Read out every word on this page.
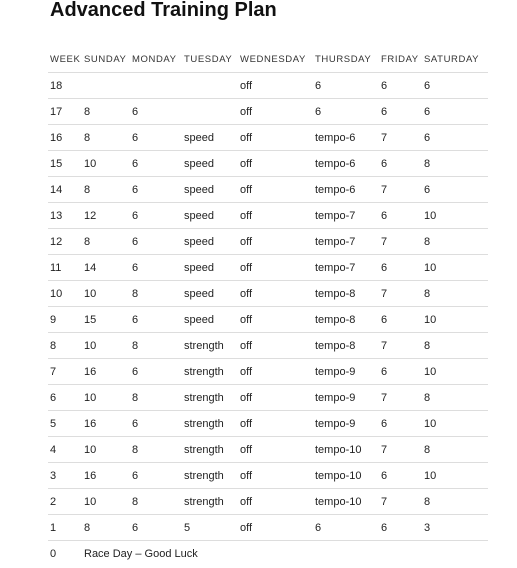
Advanced Training Plan
WEEK	SUNDAY	MONDAY	TUESDAY	WEDNESDAY	THURSDAY	FRIDAY	SATURDAY
18				off	6	6	6
17	8	6		off	6	6	6
16	8	6	speed	off	tempo-6	7	6
15	10	6	speed	off	tempo-6	6	8
14	8	6	speed	off	tempo-6	7	6
13	12	6	speed	off	tempo-7	6	10
12	8	6	speed	off	tempo-7	7	8
11	14	6	speed	off	tempo-7	6	10
10	10	8	speed	off	tempo-8	7	8
9	15	6	speed	off	tempo-8	6	10
8	10	8	strength	off	tempo-8	7	8
7	16	6	strength	off	tempo-9	6	10
6	10	8	strength	off	tempo-9	7	8
5	16	6	strength	off	tempo-9	6	10
4	10	8	strength	off	tempo-10	7	8
3	16	6	strength	off	tempo-10	6	10
2	10	8	strength	off	tempo-10	7	8
1	8	6	5	off	6	6	3
0	Race Day – Good Luck						
